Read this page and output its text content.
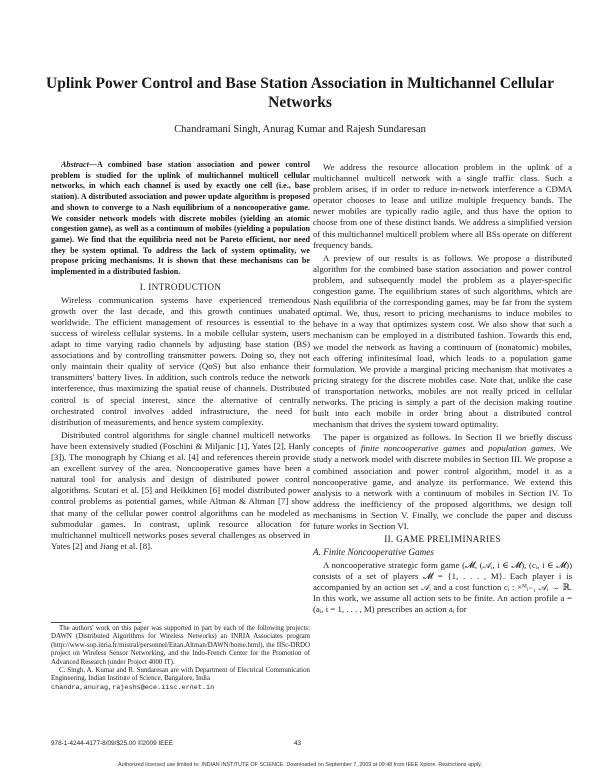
Uplink Power Control and Base Station Association in Multichannel Cellular Networks
Chandramani Singh, Anurag Kumar and Rajesh Sundaresan

Abstract—A combined base station association and power control problem is studied for the uplink of multichannel multicell cellular networks, in which each channel is used by exactly one cell (i.e., base station). A distributed association and power update algorithm is proposed and shown to converge to a Nash equilibrium of a noncooperative game. We consider network models with discrete mobiles (yielding an atomic congestion game), as well as a continuum of mobiles (yielding a population game). We find that the equilibria need not be Pareto efficient, nor need they be system optimal. To address the lack of system optimality, we propose pricing mechanisms. It is shown that these mechanisms can be implemented in a distributed fashion.

I. INTRODUCTION

Wireless communication systems have experienced tremendous growth over the last decade, and this growth continues unabated worldwide. The efficient management of resources is essential to the success of wireless cellular systems. In a mobile cellular system, users adapt to time varying radio channels by adjusting base station (BS) associations and by controlling transmitter powers. Doing so, they not only maintain their quality of service (QoS) but also enhance their transmitters' battery lives. In addition, such controls reduce the network interference, thus maximizing the spatial reuse of channels. Distributed control is of special interest, since the alternative of centrally orchestrated control involves added infrastructure, the need for distribution of measurements, and hence system complexity.

Distributed control algorithms for single channel multicell networks have been extensively studied (Foschini & Miljanic [1], Yates [2], Hanly [3]). The monograph by Chiang et al. [4] and references therein provide an excellent survey of the area. Noncooperative games have been a natural tool for analysis and design of distributed power control algorithms. Scutari et al. [5] and Heikkinen [6] model distributed power control problems as potential games, while Altman & Altman [7] show that many of the cellular power control algorithms can be modeled as submodular games. In contrast, uplink resource allocation for multichannel multicell networks poses several challenges as observed in Yates [2] and Jiang et al. [8].

The authors' work on this paper was supported in part by each of the following projects: DAWN (Distributed Algorithms for Wireless Networks) an INRIA Associates program (http://www-sop.inria.fr/mistral/personnel/Eitan.Altman/DAWN/home.html), the IISc-DRDO project on Wireless Sensor Networking, and the Indo-French Center for the Promotion of Advanced Research (under Project 4000 IT).

C. Singh, A. Kumar and R. Sundaresan are with Department of Electrical Communication Engineering, Indian Institute of Science, Bangalore, India
chandra,anurag,rajeshs@ece.iisc.ernet.in

We address the resource allocation problem in the uplink of a multichannel multicell network with a single traffic class. Such a problem arises, if in order to reduce in-network interference a CDMA operator chooses to lease and utilize multiple frequency bands. The newer mobiles are typically radio agile, and thus have the option to choose from one of these distinct bands. We address a simplified version of this multichannel multicell problem where all BSs operate on different frequency bands.

A preview of our results is as follows. We propose a distributed algorithm for the combined base station association and power control problem, and subsequently model the problem as a player-specific congestion game. The equilibrium states of such algorithms, which are Nash equilibria of the corresponding games, may be far from the system optimal. We, thus, resort to pricing mechanisms to induce mobiles to behave in a way that optimizes system cost. We also show that such a mechanism can be employed in a distributed fashion. Towards this end, we model the network as having a continuum of (nonatomic) mobiles, each offering infinitesimal load, which leads to a population game formulation. We provide a marginal pricing mechanism that motivates a pricing strategy for the discrete mobiles case. Note that, unlike the case of transportation networks, mobiles are not really priced in cellular networks. The pricing is simply a part of the decision making routine built into each mobile in order bring about a distributed control mechanism that drives the system toward optimality.

The paper is organized as follows. In Section II we briefly discuss concepts of finite noncooperative games and population games. We study a network model with discrete mobiles in Section III. We propose a combined association and power control algorithm, model it as a noncooperative game, and analyze its performance. We extend this analysis to a network with a continuum of mobiles in Section IV. To address the inefficiency of the proposed algorithms, we design toll mechanisms in Section V. Finally, we conclude the paper and discuss future works in Section VI.

II. GAME PRELIMINARIES
A. Finite Noncooperative Games

A noncooperative strategic form game (𝓜, (𝒜ᵢ, i ∈ 𝓜), (cᵢ, i ∈ 𝓜)) consists of a set of players 𝓜 = {1, . . . , M}. Each player i is accompanied by an action set 𝒜ᵢ and a cost function cᵢ : ×ᴹᵢ₌₁ 𝒜ᵢ → ℝ. In this work, we assume all action sets to be finite. An action profile a = (aᵢ, i = 1, . . . , M) prescribes an action aᵢ for

978-1-4244-4177-8/09/$25.00 ©2009 IEEE	43
Authorized licensed use limited to: INDIAN INSTITUTE OF SCIENCE. Downloaded on September 7, 2009 at 09:48 from IEEE Xplore. Restrictions apply.
